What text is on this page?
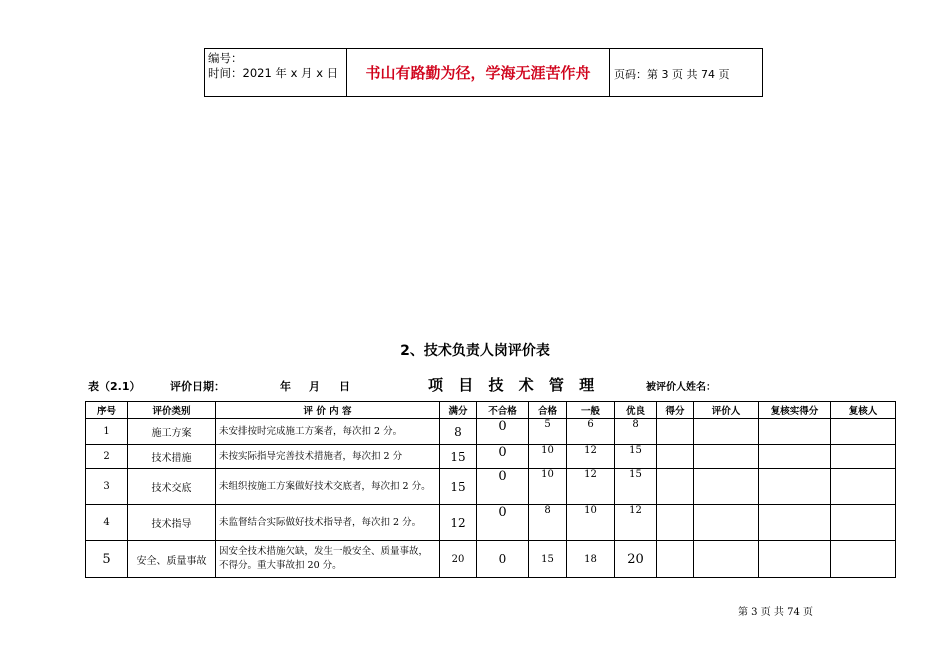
编号：
时间：2021 年 x 月 x 日	书山有路勤为径，学海无涯苦作舟	页码：第 3 页 共 74 页
2、技术负责人岗评价表
表（2.1）	评价日期：	年 月 日	项 目 技 术 管 理	被评价人姓名：
序号	评价类别	评 价 内 容	满分	不合格	合格	一般	优良	得分	评价人	复核实得分	复核人
1	施工方案	未安排按时完成施工方案者，每次扣 2 分。	8	0	5	6	8				
2	技术措施	未按实际指导完善技术措施者，每次扣 2 分	15	0	10	12	15				
3	技术交底	未组织按施工方案做好技术交底者，每次扣 2 分。	15	0	10	12	15				
4	技术指导	未监督结合实际做好技术指导者，每次扣 2 分。	12	0	8	10	12				
5	安全、质量事故	因安全技术措施欠缺，发生一般安全、质量事故，不得分。重大事故扣 20 分。	20	0	15	18	20				
第 3 页 共 74 页
